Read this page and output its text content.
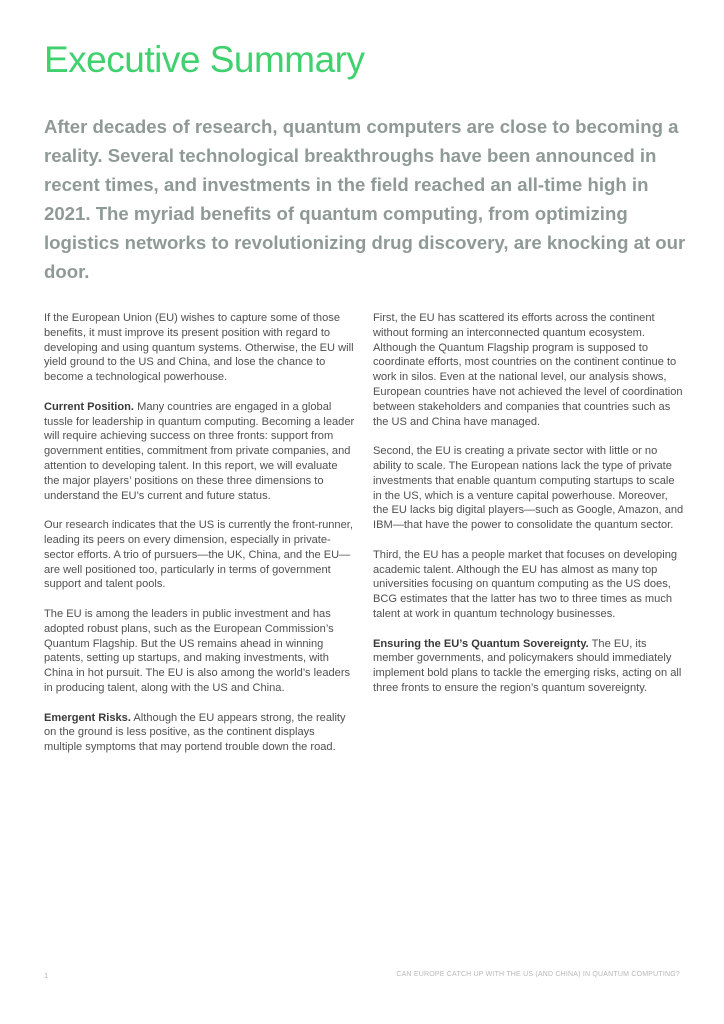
Executive Summary

After decades of research, quantum computers are close to becoming a reality. Several technological breakthroughs have been announced in recent times, and investments in the field reached an all-time high in 2021. The myriad benefits of quantum computing, from optimizing logistics networks to revolutionizing drug discovery, are knocking at our door.

If the European Union (EU) wishes to capture some of those benefits, it must improve its present position with regard to developing and using quantum systems. Otherwise, the EU will yield ground to the US and China, and lose the chance to become a technological powerhouse.

Current Position. Many countries are engaged in a global tussle for leadership in quantum computing. Becoming a leader will require achieving success on three fronts: support from government entities, commitment from private companies, and attention to developing talent. In this report, we will evaluate the major players’ positions on these three dimensions to understand the EU’s current and future status.

Our research indicates that the US is currently the front-runner, leading its peers on every dimension, especially in private-sector efforts. A trio of pursuers—the UK, China, and the EU—are well positioned too, particularly in terms of government support and talent pools.

The EU is among the leaders in public investment and has adopted robust plans, such as the European Commission’s Quantum Flagship. But the US remains ahead in winning patents, setting up startups, and making investments, with China in hot pursuit. The EU is also among the world’s leaders in producing talent, along with the US and China.

Emergent Risks. Although the EU appears strong, the reality on the ground is less positive, as the continent displays multiple symptoms that may portend trouble down the road.

First, the EU has scattered its efforts across the continent without forming an interconnected quantum ecosystem. Although the Quantum Flagship program is supposed to coordinate efforts, most countries on the continent continue to work in silos. Even at the national level, our analysis shows, European countries have not achieved the level of coordination between stakeholders and companies that countries such as the US and China have managed.

Second, the EU is creating a private sector with little or no ability to scale. The European nations lack the type of private investments that enable quantum computing startups to scale in the US, which is a venture capital powerhouse. Moreover, the EU lacks big digital players—such as Google, Amazon, and IBM—that have the power to consolidate the quantum sector.

Third, the EU has a people market that focuses on developing academic talent. Although the EU has almost as many top universities focusing on quantum computing as the US does, BCG estimates that the latter has two to three times as much talent at work in quantum technology businesses.

Ensuring the EU’s Quantum Sovereignty. The EU, its member governments, and policymakers should immediately implement bold plans to tackle the emerging risks, acting on all three fronts to ensure the region’s quantum sovereignty.

1	CAN EUROPE CATCH UP WITH THE US (AND CHINA) IN QUANTUM COMPUTING?
